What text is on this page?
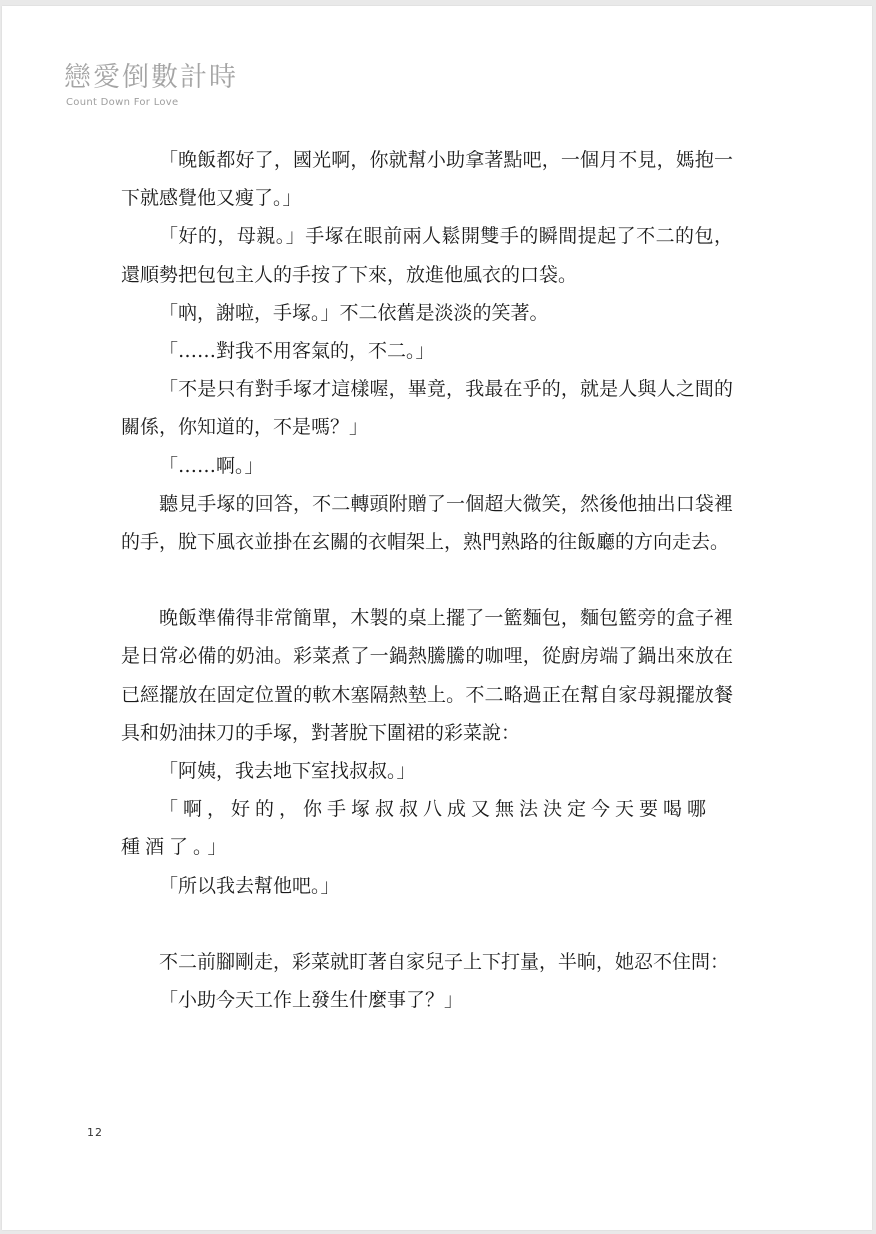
戀愛倒數計時
Count Down For Love

「晚飯都好了，國光啊，你就幫小助拿著點吧，一個月不見，媽抱一下就感覺他又瘦了。」

「好的，母親。」手塚在眼前兩人鬆開雙手的瞬間提起了不二的包，還順勢把包包主人的手按了下來，放進他風衣的口袋。

「吶，謝啦，手塚。」不二依舊是淡淡的笑著。

「……對我不用客氣的，不二。」

「不是只有對手塚才這樣喔，畢竟，我最在乎的，就是人與人之間的關係，你知道的，不是嗎？」

「……啊。」

聽見手塚的回答，不二轉頭附贈了一個超大微笑，然後他抽出口袋裡的手，脫下風衣並掛在玄關的衣帽架上，熟門熟路的往飯廳的方向走去。

晚飯準備得非常簡單，木製的桌上擺了一籃麵包，麵包籃旁的盒子裡是日常必備的奶油。彩菜煮了一鍋熱騰騰的咖哩，從廚房端了鍋出來放在已經擺放在固定位置的軟木塞隔熱墊上。不二略過正在幫自家母親擺放餐具和奶油抹刀的手塚，對著脫下圍裙的彩菜說：

「阿姨，我去地下室找叔叔。」

「啊，好的，你手塚叔叔八成又無法決定今天要喝哪種酒了。」

「所以我去幫他吧。」

不二前腳剛走，彩菜就盯著自家兒子上下打量，半晌，她忍不住問：

「小助今天工作上發生什麼事了？」

12
